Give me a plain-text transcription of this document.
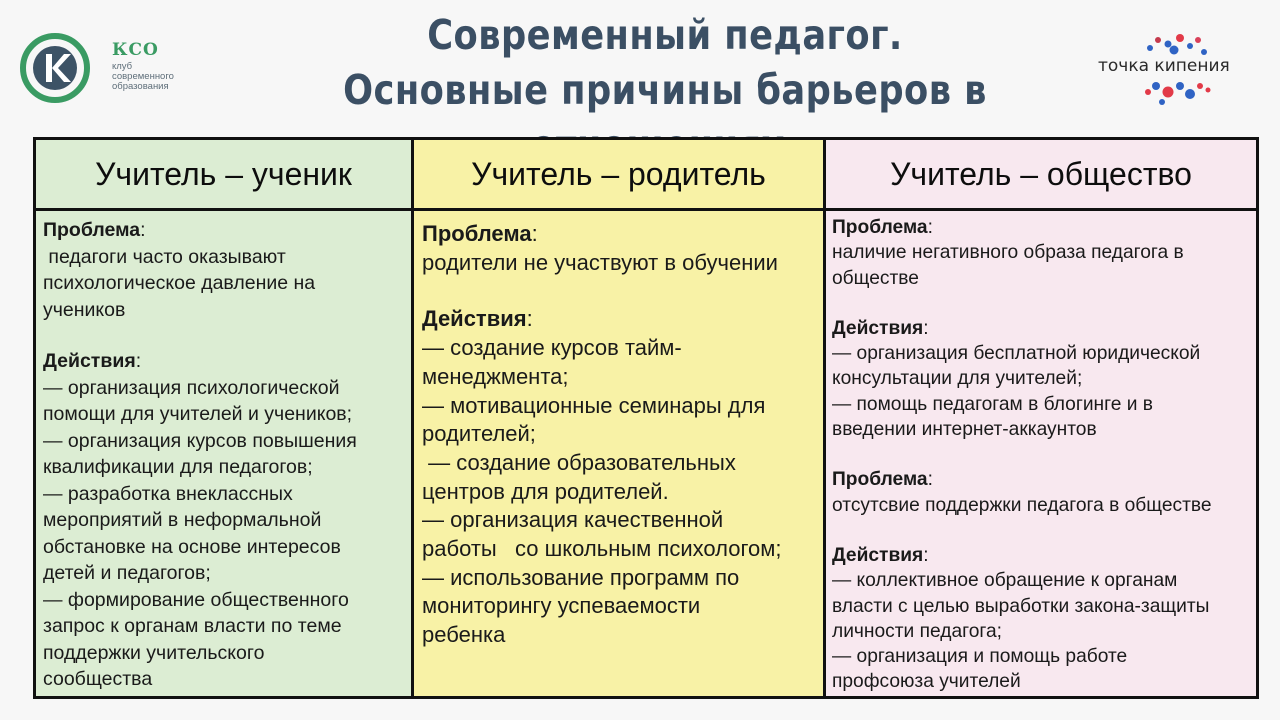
КСО
клуб
современного
образования
Современный педагог.
Основные причины барьеров в	точка кипения
Учитель – ученик
Проблема:
педагоги часто оказывают
психологическое давление на
учеников
Действия:
— организация психологической
помощи для учителей и учеников;
— организация курсов повышения
квалификации для педагогов;
— разработка внеклассных
мероприятий в неформальной
обстановке на основе интересов
детей и педагогов;
— формирование общественного
запрос к органам власти по теме
поддержки учительского
сообщества
Учитель – родитель
Проблема:
родители не участвуют в обучении
Действия:
— создание курсов тайм-
менеджмента;
— мотивационные семинары для
родителей;
— создание образовательных
центров для родителей.
— организация качественной
работы   со школьным психологом;
— использование программ по
мониторингу успеваемости
ребенка
Учитель – общество
Проблема:
наличие негативного образа педагога в
обществе
Действия:
— организация бесплатной юридической
консультации для учителей;
— помощь педагогам в блогинге и в
введении интернет-аккаунтов
Проблема:
отсутсвие поддержки педагога в обществе
Действия:
— коллективное обращение к органам
власти с целью выработки закона-защиты
личности педагога;
— организация и помощь работе
профсоюза учителей
